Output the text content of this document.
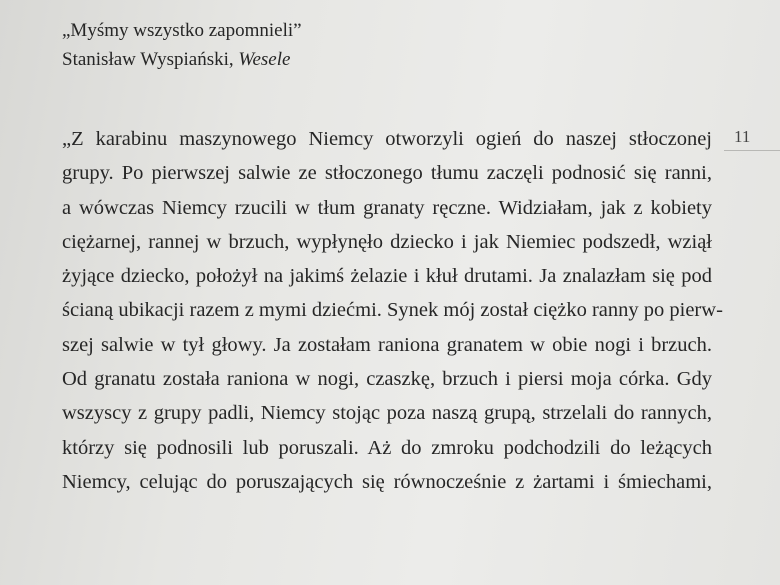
„Myśmy wszystko zapomnieli”
Stanisław Wyspiański, Wesele
11
„Z karabinu maszynowego Niemcy otworzyli ogień do naszej stłoczonej
grupy. Po pierwszej salwie ze stłoczonego tłumu zaczęli podnosić się ranni,
a wówczas Niemcy rzucili w tłum granaty ręczne. Widziałam, jak z kobiety
ciężarnej, rannej w brzuch, wypłynęło dziecko i jak Niemiec podszedł, wziął
żyjące dziecko, położył na jakimś żelazie i kłuł drutami. Ja znalazłam się pod
ścianą ubikacji razem z mymi dziećmi. Synek mój został ciężko ranny po pierw-
szej salwie w tył głowy. Ja zostałam raniona granatem w obie nogi i brzuch.
Od granatu została raniona w nogi, czaszkę, brzuch i piersi moja córka. Gdy
wszyscy z grupy padli, Niemcy stojąc poza naszą grupą, strzelali do rannych,
którzy się podnosili lub poruszali. Aż do zmroku podchodzili do leżących
Niemcy, celując do poruszających się równocześnie z żartami i śmiechami,
